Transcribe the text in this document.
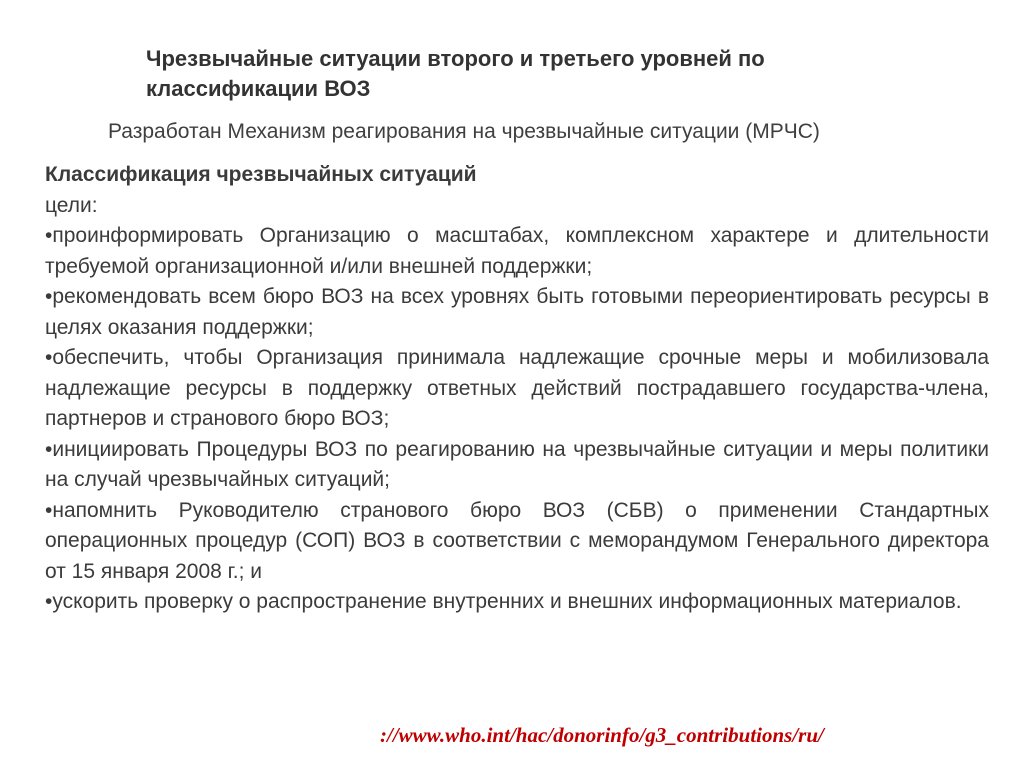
Чрезвычайные ситуации второго и третьего уровней по классификации ВОЗ

Разработан Механизм реагирования на чрезвычайные ситуации (МРЧС)

Классификация чрезвычайных ситуаций

цели:

•проинформировать Организацию о масштабах, комплексном характере и длительности требуемой организационной и/или внешней поддержки;

•рекомендовать всем бюро ВОЗ на всех уровнях быть готовыми переориентировать ресурсы в целях оказания поддержки;

•обеспечить, чтобы Организация принимала надлежащие срочные меры и мобилизовала надлежащие ресурсы в поддержку ответных действий пострадавшего государства-члена, партнеров и странового бюро ВОЗ;

•инициировать Процедуры ВОЗ по реагированию на чрезвычайные ситуации и меры политики на случай чрезвычайных ситуаций;

•напомнить Руководителю странового бюро ВОЗ (СБВ) о применении Стандартных операционных процедур (СОП) ВОЗ в соответствии с меморандумом Генерального директора от 15 января 2008 г.; и

•ускорить проверку о распространение внутренних и внешних информационных материалов.

://www.who.int/hac/donorinfo/g3_contributions/ru/
